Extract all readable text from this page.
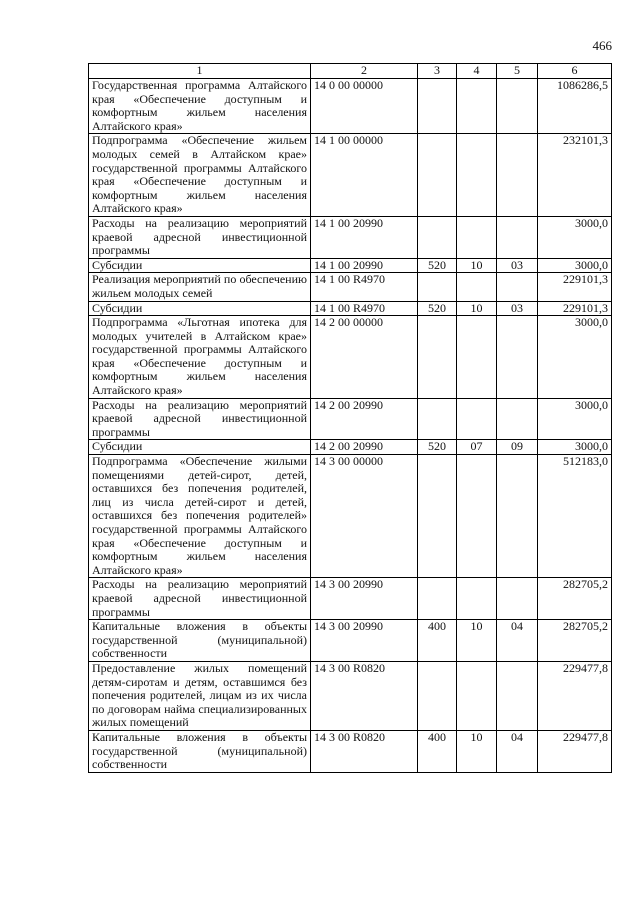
466
1	2	3	4	5	6
Государственная программа Алтайского края «Обеспечение доступным и комфортным жильем населения Алтайского края»	14 0 00 00000				1086286,5
Подпрограмма «Обеспечение жильем молодых семей в Алтайском крае» государственной программы Алтайского края «Обеспечение доступным и комфортным жильем населения Алтайского края»	14 1 00 00000				232101,3
Расходы на реализацию мероприятий краевой адресной инвестиционной программы	14 1 00 20990				3000,0
Субсидии	14 1 00 20990	520	10	03	3000,0
Реализация мероприятий по обеспечению жильем молодых семей	14 1 00 R4970				229101,3
Субсидии	14 1 00 R4970	520	10	03	229101,3
Подпрограмма «Льготная ипотека для молодых учителей в Алтайском крае» государственной программы Алтайского края «Обеспечение доступным и комфортным жильем населения Алтайского края»	14 2 00 00000				3000,0
Расходы на реализацию мероприятий краевой адресной инвестиционной программы	14 2 00 20990				3000,0
Субсидии	14 2 00 20990	520	07	09	3000,0
Подпрограмма «Обеспечение жилыми помещениями детей-сирот, детей, оставшихся без попечения родителей, лиц из числа детей-сирот и детей, оставшихся без попечения родителей» государственной программы Алтайского края «Обеспечение доступным и комфортным жильем населения Алтайского края»	14 3 00 00000				512183,0
Расходы на реализацию мероприятий краевой адресной инвестиционной программы	14 3 00 20990				282705,2
Капитальные вложения в объекты государственной (муниципальной) собственности	14 3 00 20990	400	10	04	282705,2
Предоставление жилых помещений детям-сиротам и детям, оставшимся без попечения родителей, лицам из их числа по договорам найма специализированных жилых помещений	14 3 00 R0820				229477,8
Капитальные вложения в объекты государственной (муниципальной) собственности	14 3 00 R0820	400	10	04	229477,8
